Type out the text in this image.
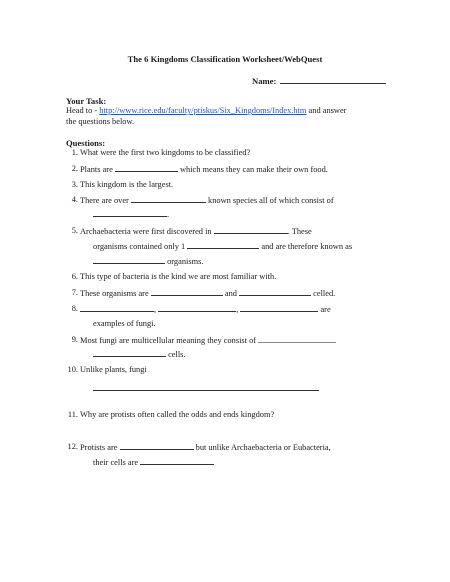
The 6 Kingdoms Classification Worksheet/WebQuest
Name:
Your Task:
Head to - http://www.rice.edu/faculty/ptiskus/Six_Kingdoms/Index.htm and answer
the questions below.
Questions:
1. What were the first two kingdoms to be classified?
2. Plants are	which means they can make their own food.
3. This kingdom is the largest.
4. There are over	known species all of which consist of
.
5. Archaebacteria were first discovered in	. These
organisms contained only 1	and are therefore known as
organisms.
6. This type of bacteria is the kind we are most familiar with.
7. These organisms are	and	celled.
8.	,	,	are
examples of fungi.
9. Most fungi are multicellular meaning they consist of
cells.
10. Unlike plants, fungi
11. Why are protists often called the odds and ends kingdom?
12. Protists are	but unlike Archaebacteria or Eubacteria,
their cells are
